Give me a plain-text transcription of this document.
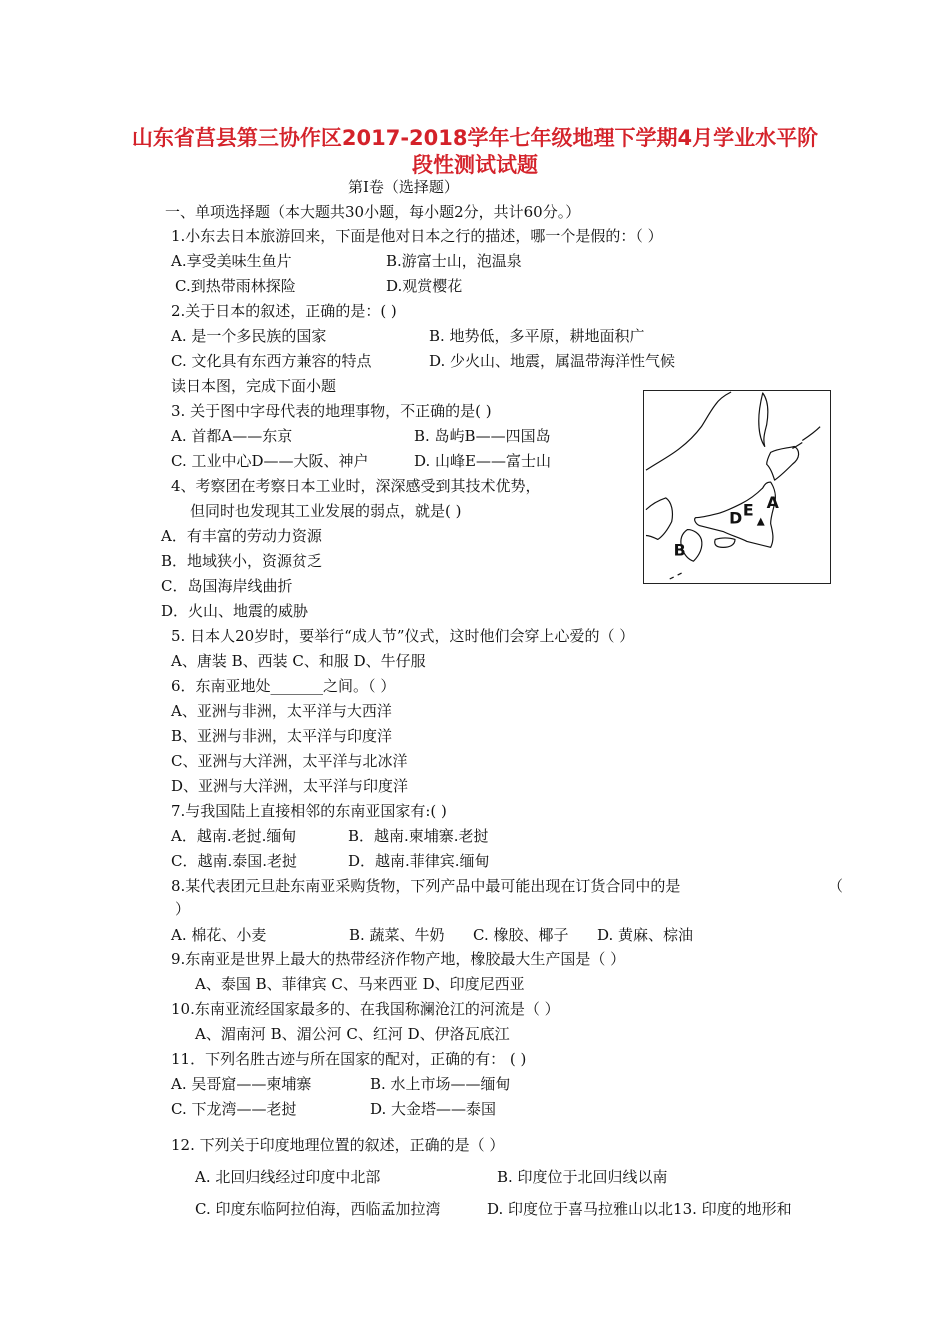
山东省莒县第三协作区2017-2018学年七年级地理下学期4月学业水平阶
段性测试试题
第Ⅰ卷（选择题）
一、单项选择题（本大题共30小题，每小题2分，共计60分。）
1.小东去日本旅游回来，下面是他对日本之行的描述，哪一个是假的：（ ）
A.享受美味生鱼片	B.游富士山，泡温泉
C.到热带雨林探险	D.观赏樱花
2.关于日本的叙述，正确的是：( )
A. 是一个多民族的国家	B. 地势低，多平原，耕地面积广
C. 文化具有东西方兼容的特点	D. 少火山、地震，属温带海洋性气候
读日本图，完成下面小题
3. 关于图中字母代表的地理事物，不正确的是( )
A. 首都A——东京	B. 岛屿B——四国岛
C. 工业中心D——大阪、神户	D. 山峰E——富士山
4、考察团在考察日本工业时，深深感受到其技术优势，
但同时也发现其工业发展的弱点，就是( )
A．有丰富的劳动力资源
B．地域狭小，资源贫乏
C．岛国海岸线曲折
D．火山、地震的威胁
5. 日本人20岁时，要举行“成人节”仪式，这时他们会穿上心爱的（ ）
A、唐装 B、西装 C、和服 D、牛仔服
6．东南亚地处_______之间。（ ）
A、亚洲与非洲，太平洋与大西洋
B、亚洲与非洲，太平洋与印度洋
C、亚洲与大洋洲，太平洋与北冰洋
D、亚洲与大洋洲，太平洋与印度洋
7.与我国陆上直接相邻的东南亚国家有:( )
A．越南.老挝.缅甸	B．越南.柬埔寨.老挝
C．越南.泰国.老挝	D．越南.菲律宾.缅甸
8.某代表团元旦赴东南亚采购货物，下列产品中最可能出现在订货合同中的是	（
）
A. 棉花、小麦	B. 蔬菜、牛奶 C. 橡胶、椰子 D. 黄麻、棕油
9.东南亚是世界上最大的热带经济作物产地，橡胶最大生产国是（ ）
A、泰国 B、菲律宾 C、马来西亚 D、印度尼西亚
10.东南亚流经国家最多的、在我国称澜沧江的河流是（ ）
A、湄南河 B、湄公河 C、红河 D、伊洛瓦底江
11．下列名胜古迹与所在国家的配对，正确的有： ( )
A. 吴哥窟——柬埔寨	B. 水上市场——缅甸
C. 下龙湾——老挝	D. 大金塔——泰国
12. 下列关于印度地理位置的叙述，正确的是（ ）
A. 北回归线经过印度中北部	B. 印度位于北回归线以南
C. 印度东临阿拉伯海，西临孟加拉湾	D. 印度位于喜马拉雅山以北13. 印度的地形和
A
E
D
B
